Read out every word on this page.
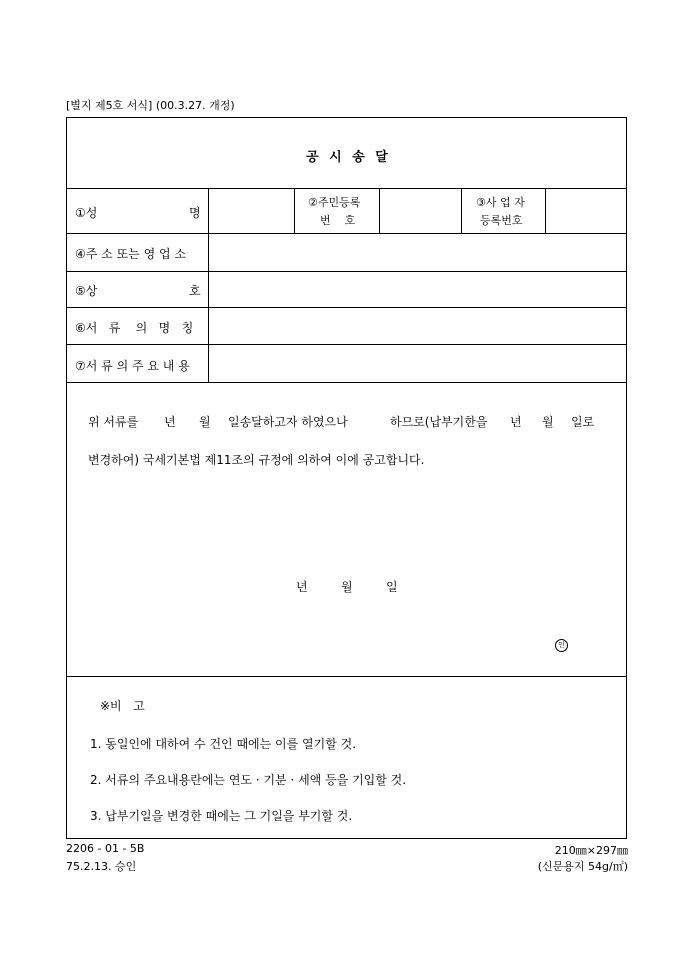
[별지 제5호 서식] (00.3.27. 개정)
공 시 송 달
①성	명
②주민등록
번    호
③사 업 자
등록번호
④주 소 또는 영 업 소
⑤상	호
⑥서   류    의   명   칭
⑦서 류 의 주 요 내 용
위 서류를 년 월 일송달하고자 하였으나	하므로(납부기한을 년 월 일로
변경하여) 국세기본법 제11조의 규정에 의하여 이에 공고합니다.
년	월	일
인
※비   고
1. 동일인에 대하여 수 건인 때에는 이를 열기할 것.
2. 서류의 주요내용란에는 연도 · 기분 · 세액 등을 기입할 것.
3. 납부기일을 변경한 때에는 그 기일을 부기할 것.
2206 - 01 - 5B
75.2.13. 승인
210㎜×297㎜
(신문용지 54g/㎡)
